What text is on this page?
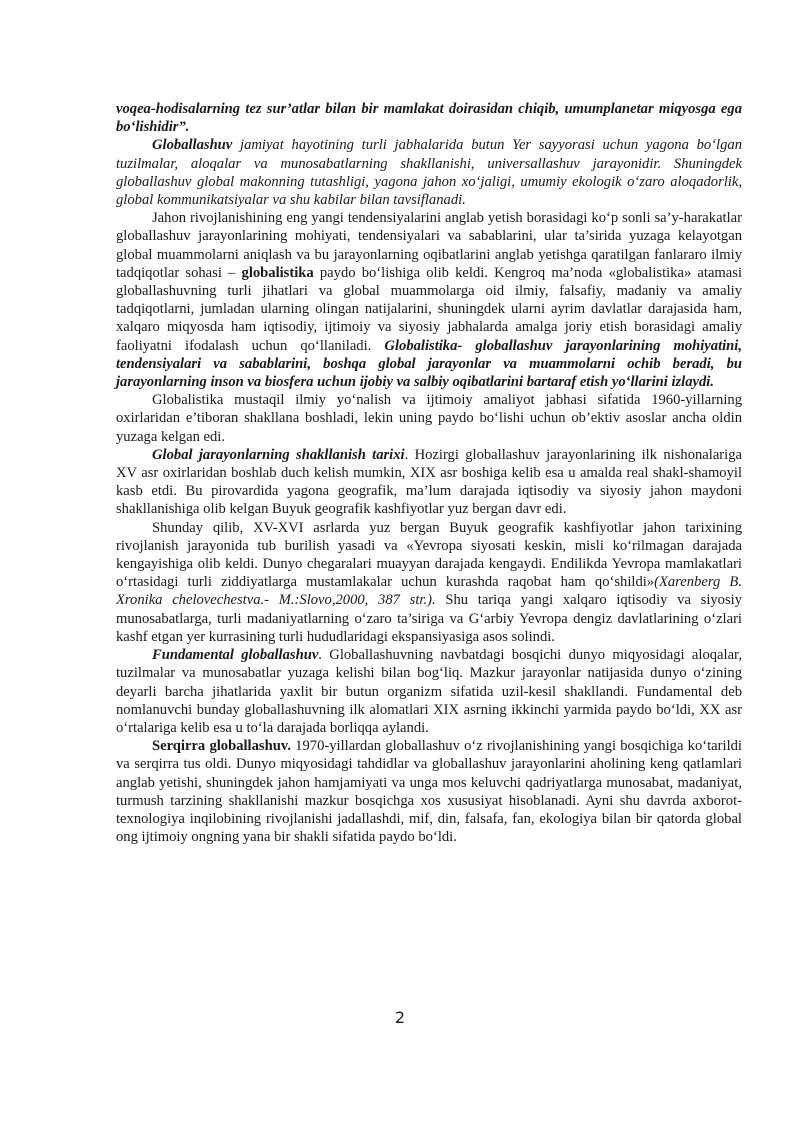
voqea-hodisalarning tez sur’atlar bilan bir mamlakat doirasidan chiqib, umumplanetar miqyosga ega bo‘lishidir”.

Globallashuv jamiyat hayotining turli jabhalarida butun Yer sayyorasi uchun yagona bo‘lgan tuzilmalar, aloqalar va munosabatlarning shakllanishi, universallashuv jarayonidir. Shuningdek globallashuv global makonning tutashligi, yagona jahon xo‘jaligi, umumiy ekologik o‘zaro aloqadorlik, global kommunikatsiyalar va shu kabilar bilan tavsiflanadi.

Jahon rivojlanishining eng yangi tendensiyalarini anglab yetish borasidagi ko‘p sonli sa’y-harakatlar globallashuv jarayonlarining mohiyati, tendensiyalari va sabablarini, ular ta’sirida yuzaga kelayotgan global muammolarni aniqlash va bu jarayonlarning oqibatlarini anglab yetishga qaratilgan fanlararo ilmiy tadqiqotlar sohasi – globalistika paydo bo‘lishiga olib keldi. Kengroq ma’noda «globalistika» atamasi globallashuvning turli jihatlari va global muammolarga oid ilmiy, falsafiy, madaniy va amaliy tadqiqotlarni, jumladan ularning olingan natijalarini, shuningdek ularni ayrim davlatlar darajasida ham, xalqaro miqyosda ham iqtisodiy, ijtimoiy va siyosiy jabhalarda amalga joriy etish borasidagi amaliy faoliyatni ifodalash uchun qo‘llaniladi. Globalistika- globallashuv jarayonlarining mohiyatini, tendensiyalari va sabablarini, boshqa global jarayonlar va muammolarni ochib beradi, bu jarayonlarning inson va biosfera uchun ijobiy va salbiy oqibatlarini bartaraf etish yo‘llarini izlaydi.

Globalistika mustaqil ilmiy yo‘nalish va ijtimoiy amaliyot jabhasi sifatida 1960-yillarning oxirlaridan e’tiboran shakllana boshladi, lekin uning paydo bo‘lishi uchun ob’ektiv asoslar ancha oldin yuzaga kelgan edi.

Global jarayonlarning shakllanish tarixi. Hozirgi globallashuv jarayonlarining ilk nishonalariga XV asr oxirlaridan boshlab duch kelish mumkin, XIX asr boshiga kelib esa u amalda real shakl-shamoyil kasb etdi. Bu pirovardida yagona geografik, ma’lum darajada iqtisodiy va siyosiy jahon maydoni shakllanishiga olib kelgan Buyuk geografik kashfiyotlar yuz bergan davr edi.

Shunday qilib, XV-XVI asrlarda yuz bergan Buyuk geografik kashfiyotlar jahon tarixining rivojlanish jarayonida tub burilish yasadi va «Yevropa siyosati keskin, misli ko‘rilmagan darajada kengayishiga olib keldi. Dunyo chegaralari muayyan darajada kengaydi. Endilikda Yevropa mamlakatlari o‘rtasidagi turli ziddiyatlarga mustamlakalar uchun kurashda raqobat ham qo‘shildi»(Xarenberg B. Xronika chelovechestva.- M.:Slovo,2000, 387 str.). Shu tariqa yangi xalqaro iqtisodiy va siyosiy munosabatlarga, turli madaniyatlarning o‘zaro ta’siriga va G‘arbiy Yevropa dengiz davlatlarining o‘zlari kashf etgan yer kurrasining turli hududlaridagi ekspansiyasiga asos solindi.

Fundamental globallashuv. Globallashuvning navbatdagi bosqichi dunyo miqyosidagi aloqalar, tuzilmalar va munosabatlar yuzaga kelishi bilan bog‘liq. Mazkur jarayonlar natijasida dunyo o‘zining deyarli barcha jihatlarida yaxlit bir butun organizm sifatida uzil-kesil shakllandi. Fundamental deb nomlanuvchi bunday globallashuvning ilk alomatlari XIX asrning ikkinchi yarmida paydo bo‘ldi, XX asr o‘rtalariga kelib esa u to‘la darajada borliqqa aylandi.

Serqirra globallashuv. 1970-yillardan globallashuv o‘z rivojlanishining yangi bosqichiga ko‘tarildi va serqirra tus oldi. Dunyo miqyosidagi tahdidlar va globallashuv jarayonlarini aholining keng qatlamlari anglab yetishi, shuningdek jahon hamjamiyati va unga mos keluvchi qadriyatlarga munosabat, madaniyat, turmush tarzining shakllanishi mazkur bosqichga xos xususiyat hisoblanadi. Ayni shu davrda axborot-texnologiya inqilobining rivojlanishi jadallashdi, mif, din, falsafa, fan, ekologiya bilan bir qatorda global ong ijtimoiy ongning yana bir shakli sifatida paydo bo‘ldi.

2
